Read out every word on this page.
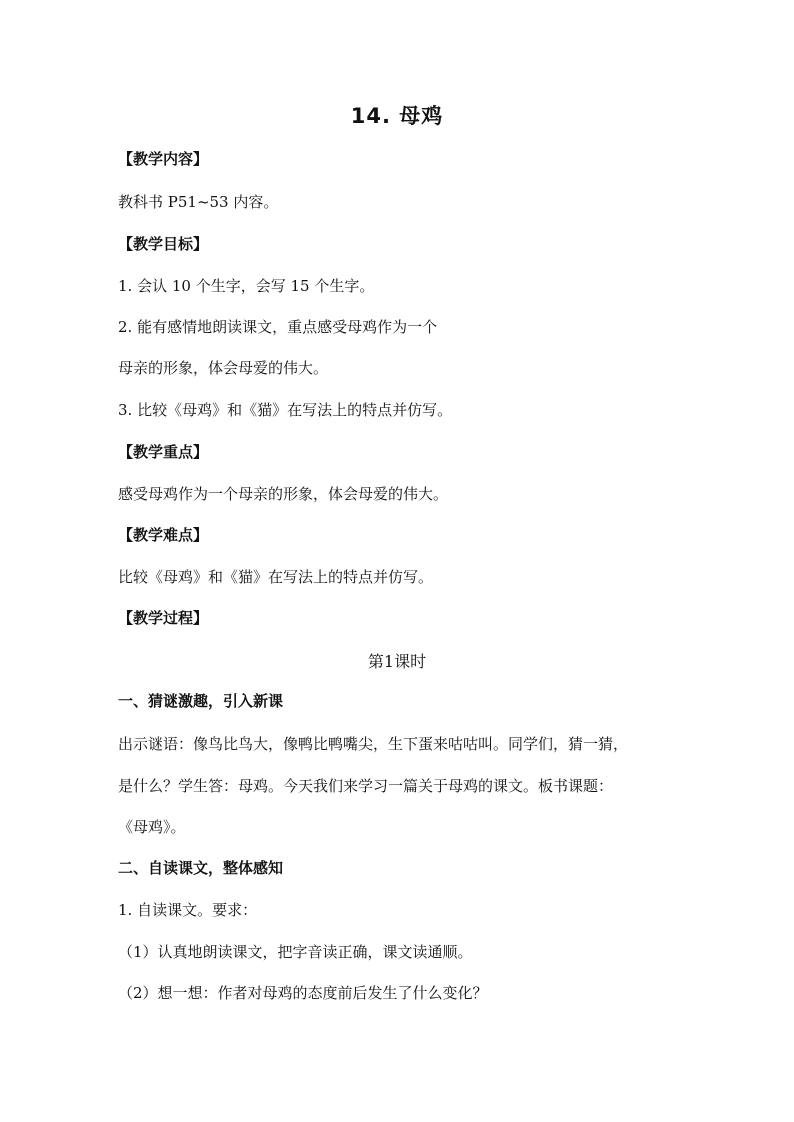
14. 母鸡
【教学内容】
教科书 P51~53 内容。
【教学目标】
1. 会认 10 个生字，会写 15 个生字。
2. 能有感情地朗读课文，重点感受母鸡作为一个
母亲的形象，体会母爱的伟大。
3. 比较《母鸡》和《猫》在写法上的特点并仿写。
【教学重点】
感受母鸡作为一个母亲的形象，体会母爱的伟大。
【教学难点】
比较《母鸡》和《猫》在写法上的特点并仿写。
【教学过程】
第1课时
一、猜谜激趣，引入新课
出示谜语：像鸟比鸟大，像鸭比鸭嘴尖，生下蛋来咕咕叫。同学们，猜一猜，
是什么？学生答：母鸡。今天我们来学习一篇关于母鸡的课文。板书课题：
《母鸡》。
二、自读课文，整体感知
1. 自读课文。要求：
（1）认真地朗读课文，把字音读正确，课文读通顺。
（2）想一想：作者对母鸡的态度前后发生了什么变化？
